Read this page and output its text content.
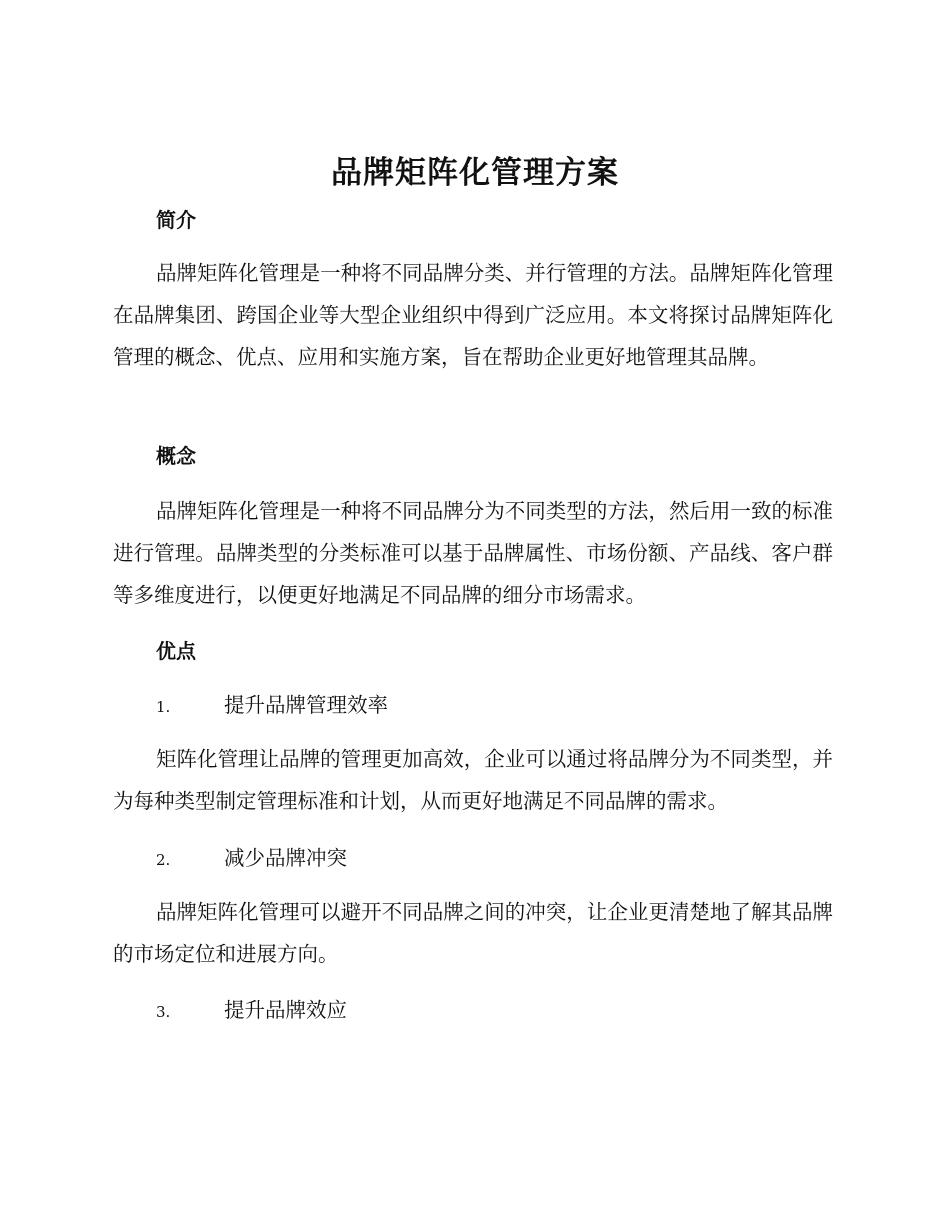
品牌矩阵化管理方案
简介

品牌矩阵化管理是一种将不同品牌分类、并行管理的方法。品牌矩阵化管理在品牌集团、跨国企业等大型企业组织中得到广泛应用。本文将探讨品牌矩阵化管理的概念、优点、应用和实施方案，旨在帮助企业更好地管理其品牌。

概念

品牌矩阵化管理是一种将不同品牌分为不同类型的方法，然后用一致的标准进行管理。品牌类型的分类标准可以基于品牌属性、市场份额、产品线、客户群等多维度进行，以便更好地满足不同品牌的细分市场需求。

优点
1.	提升品牌管理效率

矩阵化管理让品牌的管理更加高效，企业可以通过将品牌分为不同类型，并为每种类型制定管理标准和计划，从而更好地满足不同品牌的需求。

2.	减少品牌冲突

品牌矩阵化管理可以避开不同品牌之间的冲突，让企业更清楚地了解其品牌的市场定位和进展方向。

3.	提升品牌效应
